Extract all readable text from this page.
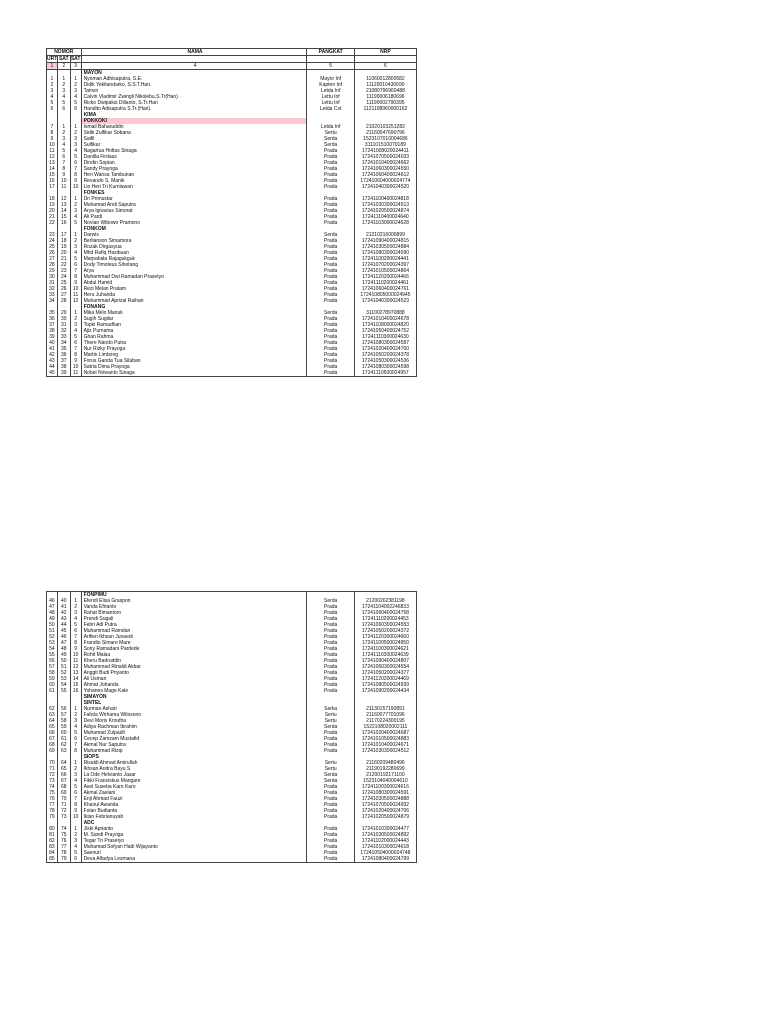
NOMOR	NAMA	PANGKAT	NRP
URT SAT SAT
1	2	3	4	5	6
MAYON
1	1	1	Nyoman Adhisaputra, S.E.	Mayor Inf	11060012800582
2	2	2	Didik Yekitandarko, S.S.T.Han.	Kapten Inf	11120010430690
3	3	3	Tamsir	Letda Inf	21080796960488
4	4	4	Calvin Vladimir Zwingli Nikolebu,S.Tr(Han)	Lettu Inf	11190006180696
5	5	5	Ricko Dwipaksi Dilianto, S.Tr.Han	Lettu Inf	11190002790395
6	6	6	Handito Adisaputra S.Tr.(Han).	Letda Cst	1121108960000162
KIMA
POKKOKI
7	1	1	Ismail Baharuddin	Letda Inf	21020103251282
8	2	2	Sidik Zulfikar Sobana	Sertu	21160047690796
9	3	3	Saifil	Serda	1523107010004686
10	4	3	Sulfikar	Serda	311101510070189
11	5	4	Nagartua Hotlas Sinaga	Prada	17241008020024411
12	6	5	Danilla Firdaus	Prada	17241070500024033
13	7	6	Dindin Sopian	Prada	17241010400024662
14	8	7	Sandy Prayoga	Prada	17241060300024550
15	9	8	Heri Wansa Tambunan	Prada	17241060400024612
16	10	9	Revando S. Manik	Prada	172410604000024774
17	11	10	Lio Heri Tri Kurniawan	Prada	17241040300024520
FONKES
18	12	1	Dri Primustar	Prada	17241100400024818
19	13	2	Muhamad Andi Saputra	Prada	17241030300024513
20	14	3	Arya Ignasius Simorat	Prada	17241020500024874
21	15	4	Ali Pardi	Prada	17241110400024640
22	16	5	Novian Wibowo Pramono	Prada	17241103000024628
FONKOM
23	17	1	Darwis	Serda	21210216000899
24	18	2	Berlianson Simamora	Prada	17241090400024815
25	19	3	Rozak Dirgasyua	Prada	17241030500024884
26	20	4	Mhd Rafiq Hasibuan	Prada	17241080300024590
27	21	5	Marpahala Rajagukguk	Prada	17241100200024441
28	22	6	Dody Timoteus Sihotang	Prada	17241070200024397
29	23	7	Arya	Prada	17241010500024864
30	24	8	Muhammad Dwi Ramadan Prasetyo	Prada	17241120200024466
31	25	9	Abdul Hamid	Prada	17241110200024461
32	26	10	Rezi Melan Pratam	Prada	17241060400024761
33	27	11	Heru Juhanda	Prada	172410805000024945
34	28	12	Muhammad Aprizal Raihan	Prada	17241040300024523
FONANG
35	29	1	Mika Melo Manuk	Serda	31100278970888
36	30	2	Sugih Sugilar	Prada	17241010400024678
37	31	3	Topki Ramadhan	Prada	17241108000024820
38	32	4	Ajiz Purnama	Prada	17241050400024752
39	33	5	Ghan Rahma	Prada	17241110300024630
40	34	6	There Nando Putra	Prada	17241080300024587
41	35	7	Nur Rizky Prayoga	Prada	17241020400024700
42	36	8	Martin Limbong	Prada	17241050200024378
43	37	9	Forus Ganda Tua Silaban	Prada	17241050300024536
44	38	10	Satria Dima Prayoga	Prada	17241080300024598
45	39	11	Nobel Nirwanto Sinaga	Prada	17241110500024957
FONPIMU
46	40	1	Efendi Elisa Graspon	Serda	21200262381198
47	41	2	Vanda Efrianto	Prada	17241104002246833
48	42	3	Rahat Bimantoro	Prada	17241060400024758
49	43	4	Prendi Sugali	Prada	17241110200024453
50	44	5	Febri Adi Putra	Prada	17241060300024553
51	45	6	Muhammad Ramdan	Prada	17241050200024372
52	46	7	Arifien Ikhsan Junaedi	Prada	17241120300024660
53	47	8	Frandio Simare Mare	Prada	17241100500024950
54	48	9	Sony Ramadani Pardede	Prada	17241100300024621
55	49	10	Rohit Malau	Prada	17241110300024639
56	50	11	Kheru Badruddin	Prada	17241090400024807
57	51	12	Muhammad Rinaldi Akbar	Prada	17241060300024554
58	52	13	Anggit Budi Priyanto	Prada	17241050200024377
59	53	14	Ali Usman	Prada	17241120200024469
60	54	15	Ahmat Johanda	Prada	17241080500024939
61	55	16	Yohanes Mage Kale	Prada	17241090200024434
SIMAYON
SINTEL
62	56	1	Nurman Ashari	Serka	21130157190891
63	57	2	Fahda Wirhama Wilosono	Sertu	21160077701096
64	58	3	Devi Moris Kroutha	Sertu	21170224300195
65	59	4	Adiya Rachman Ibrahim	Serda	1522108020002111
66	60	5	Muhamad Zulpadli	Prada	17241020400024687
67	61	6	Cecep Zamzam Mustafid	Prada	17241010500024883
68	62	7	Akmal Nur Saputra	Prada	17241010400024671
69	63	8	Muhammad Rizqi	Prada	17241030300024512
SIOPS
70	64	1	Risaldi Ahmad Amirullah	Sertu	21160209480496
71	65	2	Ikhsan Andra Bayu S	Sertu	21190192280699
72	66	3	La Ode Helvianto Jasar	Serda	21200192171100
73	67	4	Fikki Fransiskus Mangare	Serda	1523104040004610
74	68	5	Axel Suseba Karo Karo	Prada	17241100300024616
75	69	6	Akmal Zaelani	Prada	17241080300024591
76	70	7	Enji Ahmad Fauzi	Prada	17241030500024888
77	71	8	Khairul Awanda	Prada	17241070500024932
78	72	9	Folan Budianta	Prada	17241020400024706
79	73	10	Iklan Febrianuyah	Prada	17241020500024879
ADC
80	74	1	Jiski Aprianto	Prada	17241010300024477
81	75	2	M. Sandi Prayoga	Prada	17241030500024892
82	76	3	Tegar Tri Prasetyo	Prada	17241102000024443
83	77	4	Muhamad Sofyan Hadi Wijayanto	Prada	17241010300024618
84	78	5	Saenuri	Prada	172410504000024748
85	79	6	Deva Alfadya Lesmana	Prada	17241080400024799
